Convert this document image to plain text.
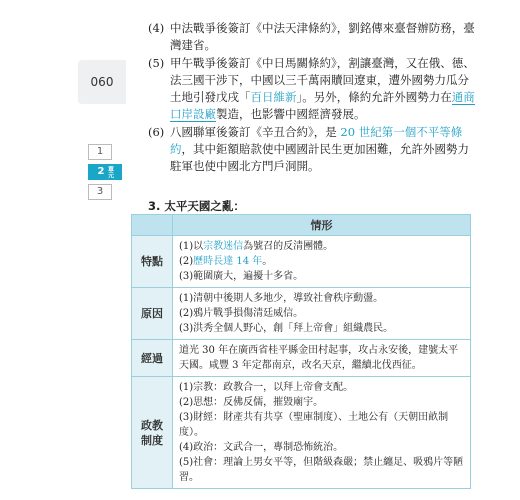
060
1
2 單元
3
(4) 中法戰爭後簽訂《中法天津條約》，劉銘傳來臺督辦防務，臺灣建省。
(5) 甲午戰爭後簽訂《中日馬關條約》，割讓臺灣，又在俄、德、法三國干涉下，中國以三千萬兩贖回遼東，遭外國勢力瓜分土地引發戊戌「百日維新」。另外，條約允許外國勢力在通商口岸設廠製造，也影響中國經濟發展。
(6) 八國聯軍後簽訂《辛丑合約》，是 20 世紀第一個不平等條約，其中鉅額賠款使中國國計民生更加困難，允許外國勢力駐軍也使中國北方門戶洞開。
3. 太平天國之亂：
	情形
特點	(1)以宗教迷信為號召的反清團體。
(2)歷時長達 14 年。
(3)範圍廣大，遍擾十多省。

原因	(1)清朝中後期人多地少，導致社會秩序動盪。
(2)鴉片戰爭損傷清廷威信。
(3)洪秀全個人野心，創「拜上帝會」組織農民。

經過	道光 30 年在廣西省桂平縣金田村起事，攻占永安後，建號太平天國。咸豐 3 年定都南京，改名天京，繼續北伐西征。

政教
制度	(1)宗教：政教合一，以拜上帝會支配。
(2)思想：反佛反儒，摧毀廟宇。
(3)財經：財產共有共享（聖庫制度）、土地公有（天朝田畝制度）。
(4)政治：文武合一，專制恐怖統治。
(5)社會：理論上男女平等，但階級森嚴；禁止纏足、吸鴉片等陋習。
